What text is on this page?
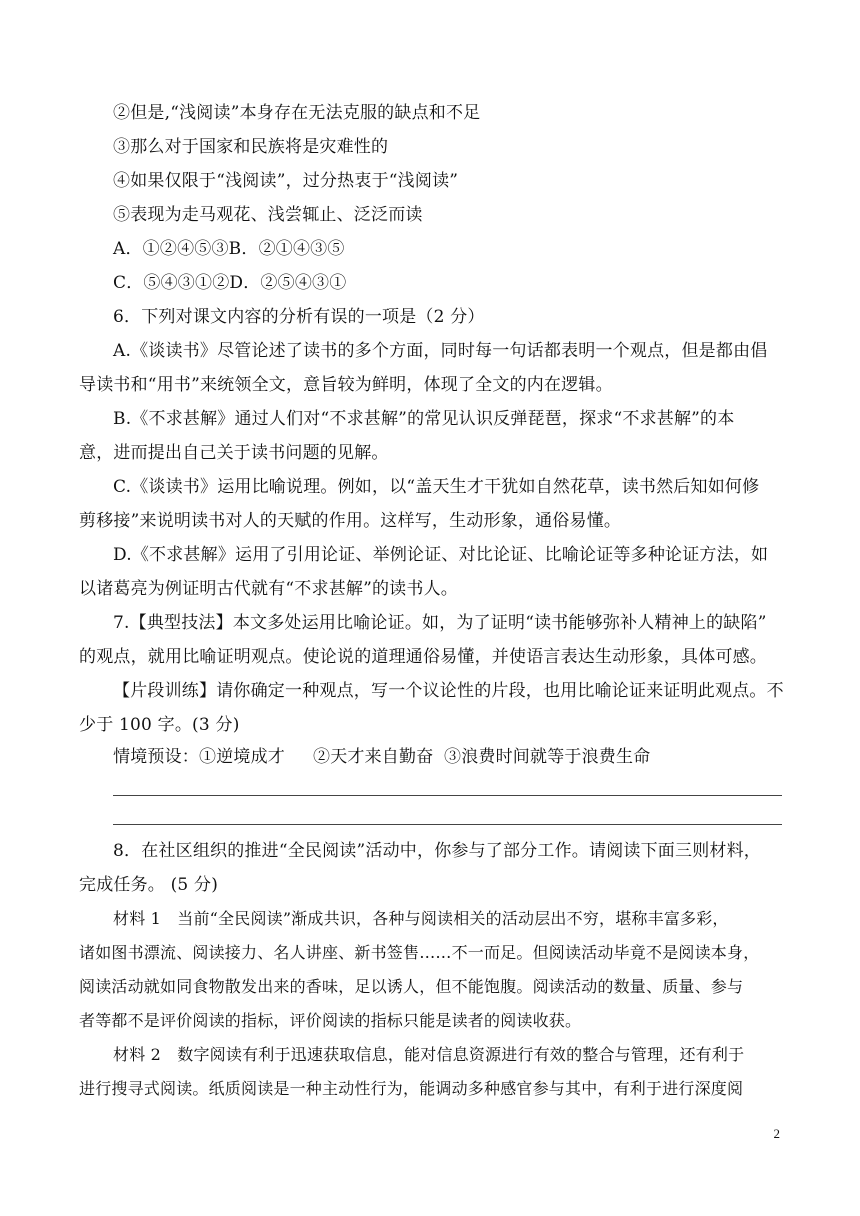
②但是,“浅阅读”本身存在无法克服的缺点和不足
③那么对于国家和民族将是灾难性的
④如果仅限于“浅阅读”，过分热衷于“浅阅读”
⑤表现为走马观花、浅尝辄止、泛泛而读
A．①②④⑤③B．②①④③⑤
C．⑤④③①②D．②⑤④③①
6．下列对课文内容的分析有误的一项是（2 分）
A.《谈读书》尽管论述了读书的多个方面，同时每一句话都表明一个观点，但是都由倡
导读书和“用书”来统领全文，意旨较为鲜明，体现了全文的内在逻辑。
B.《不求甚解》通过人们对“不求甚解”的常见认识反弹琵琶，探求“不求甚解”的本
意，进而提出自己关于读书问题的见解。
C.《谈读书》运用比喻说理。例如，以“盖天生才干犹如自然花草，读书然后知如何修
剪移接”来说明读书对人的天赋的作用。这样写，生动形象，通俗易懂。
D.《不求甚解》运用了引用论证、举例论证、对比论证、比喻论证等多种论证方法，如
以诸葛亮为例证明古代就有“不求甚解”的读书人。
7.【典型技法】本文多处运用比喻论证。如，为了证明“读书能够弥补人精神上的缺陷”
的观点，就用比喻证明观点。使论说的道理通俗易懂，并使语言表达生动形象，具体可感。
【片段训练】请你确定一种观点，写一个议论性的片段，也用比喻论证来证明此观点。不
少于 100 字。(3 分)
情境预设：①逆境成才 ②天才来自勤奋 ③浪费时间就等于浪费生命
8．在社区组织的推进“全民阅读”活动中，你参与了部分工作。请阅读下面三则材料，
完成任务。 (5 分)
材料 1　当前“全民阅读”渐成共识，各种与阅读相关的活动层出不穷，堪称丰富多彩，
诸如图书漂流、阅读接力、名人讲座、新书签售……不一而足。但阅读活动毕竟不是阅读本身，
阅读活动就如同食物散发出来的香味，足以诱人，但不能饱腹。阅读活动的数量、质量、参与
者等都不是评价阅读的指标，评价阅读的指标只能是读者的阅读收获。
材料 2　数字阅读有利于迅速获取信息，能对信息资源进行有效的整合与管理，还有利于
进行搜寻式阅读。纸质阅读是一种主动性行为，能调动多种感官参与其中，有利于进行深度阅
2
